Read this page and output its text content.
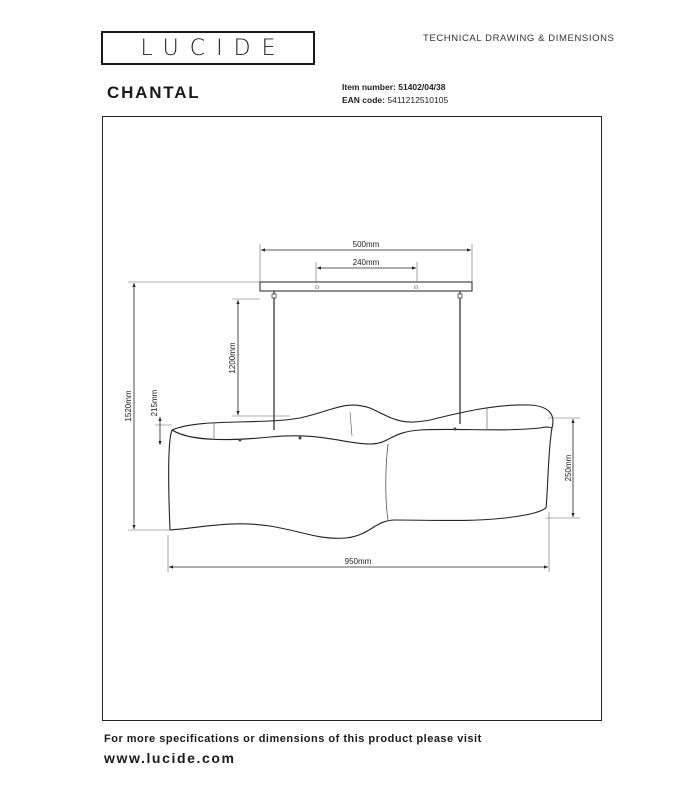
LUCIDE	TECHNICAL DRAWING & DIMENSIONS
CHANTAL	Item number: 51402/04/38
EAN code: 5411212510105
☊	☊
500mm
240mm
1200mm
1520mm 215mm
250mm
950mm
For more specifications or dimensions of this product please visit
www.lucide.com
